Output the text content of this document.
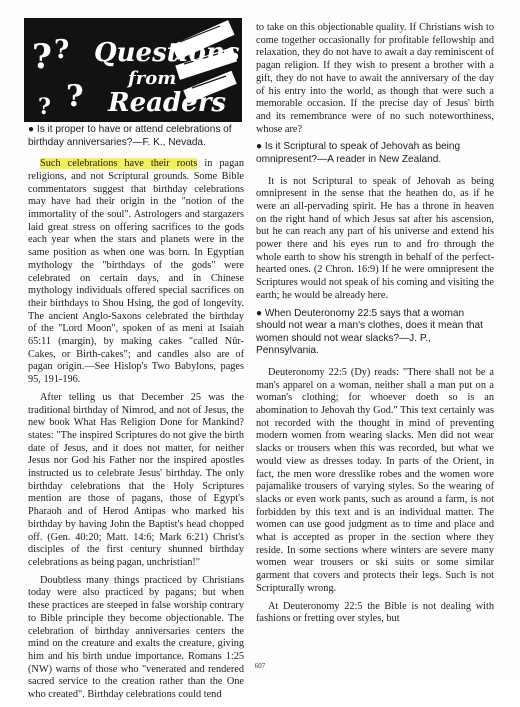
? ?
?
?
Questions
from
Readers

● Is it proper to have or attend celebrations of birthday anniversaries?—F. K., Nevada.

Such celebrations have their roots in pagan religions, and not Scriptural grounds. Some Bible commentators suggest that birthday celebrations may have had their origin in the "notion of the immortality of the soul". Astrologers and stargazers laid great stress on offering sacrifices to the gods each year when the stars and planets were in the same position as when one was born. In Egyptian mythology the "birthdays of the gods" were celebrated on certain days, and in Chinese mythology individuals offered special sacrifices on their birthdays to Shou Hsing, the god of longevity. The ancient Anglo-Saxons celebrated the birthday of the "Lord Moon", spoken of as meni at Isaiah 65:11 (margin), by making cakes "called Nûr-Cakes, or Birth-cakes"; and candles also are of pagan origin.—See Hislop's Two Babylons, pages 95, 191-196.

After telling us that December 25 was the traditional birthday of Nimrod, and not of Jesus, the new book What Has Religion Done for Mankind? states: "The inspired Scriptures do not give the birth date of Jesus, and it does not matter, for neither Jesus nor God his Father nor the inspired apostles instructed us to celebrate Jesus' birthday. The only birthday celebrations that the Holy Scriptures mention are those of pagans, those of Egypt's Pharaoh and of Herod Antipas who marked his birthday by having John the Baptist's head chopped off. (Gen. 40:20; Matt. 14:6; Mark 6:21) Christ's disciples of the first century shunned birthday celebrations as being pagan, unchristian!"

Doubtless many things practiced by Christians today were also practiced by pagans; but when these practices are steeped in false worship contrary to Bible principle they become objectionable. The celebration of birthday anniversaries centers the mind on the creature and exalts the creature, giving him and his birth undue importance. Romans 1:25 (NW) warns of those who "venerated and rendered sacred service to the creation rather than the One who created". Birthday celebrations could tend

to take on this objectionable quality. If Christians wish to come together occasionally for profitable fellowship and relaxation, they do not have to await a day reminiscent of pagan religion. If they wish to present a brother with a gift, they do not have to await the anniversary of the day of his entry into the world, as though that were such a memorable occasion. If the precise day of Jesus' birth and its remembrance were of no such noteworthiness, whose are?

● Is it Scriptural to speak of Jehovah as being omnipresent?—A reader in New Zealand.

It is not Scriptural to speak of Jehovah as being omnipresent in the sense that the heathen do, as if he were an all-pervading spirit. He has a throne in heaven on the right hand of which Jesus sat after his ascension, but he can reach any part of his universe and extend his power there and his eyes run to and fro through the whole earth to show his strength in behalf of the perfect-hearted ones. (2 Chron. 16:9) If he were omnipresent the Scriptures would not speak of his coming and visiting the earth; he would be already here.

● When Deuteronomy 22:5 says that a woman should not wear a man's clothes, does it mean that women should not wear slacks?—J. P., Pennsylvania.

Deuteronomy 22:5 (Dy) reads: "There shall not be a man's apparel on a woman, neither shall a man put on a woman's clothing; for whoever doeth so is an abomination to Jehovah thy God." This text certainly was not recorded with the thought in mind of preventing modern women from wearing slacks. Men did not wear slacks or trousers when this was recorded, but what we would view as dresses today. In parts of the Orient, in fact, the men wore dresslike robes and the women wore pajamalike trousers of varying styles. So the wearing of slacks or even work pants, such as around a farm, is not forbidden by this text and is an individual matter. The women can use good judgment as to time and place and what is accepted as proper in the section where they reside. In some sections where winters are severe many women wear trousers or ski suits or some similar garment that covers and protects their legs. Such is not Scripturally wrong.

At Deuteronomy 22:5 the Bible is not dealing with fashions or fretting over styles, but

607
